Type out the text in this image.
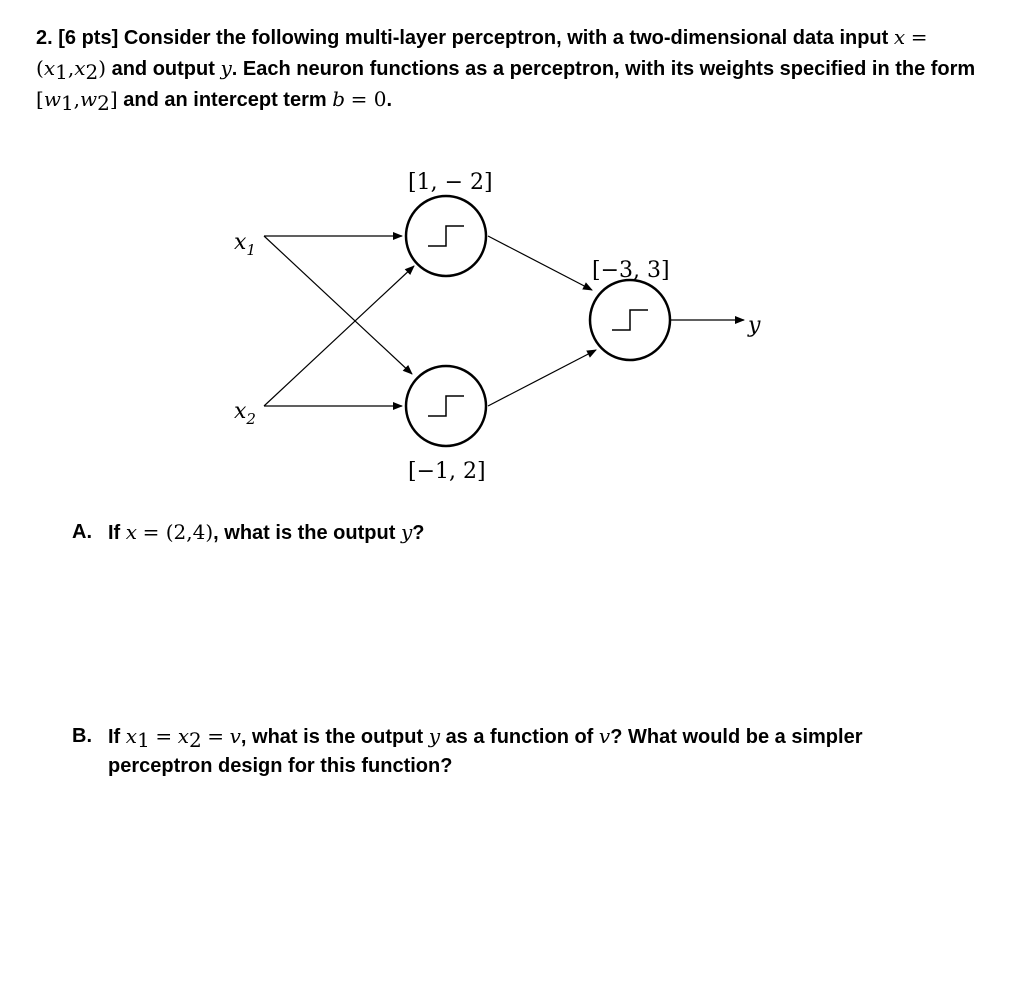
2. [6 pts] Consider the following multi-layer perceptron, with a two-dimensional data input x =
$(x_1,x_2)$ and output y. Each neuron functions as a perceptron, with its weights specified in the form $[w_1,w_2]$ and an intercept term b = 0.
$x_1$
$x_2$
[1, − 2]
[−1, 2]
[−3, 3]
y
A. If x = (2,4), what is the output y?
B. If $x_1 = x_2 = v$, what is the output y as a function of v? What would be a simpler perceptron design for this function?
